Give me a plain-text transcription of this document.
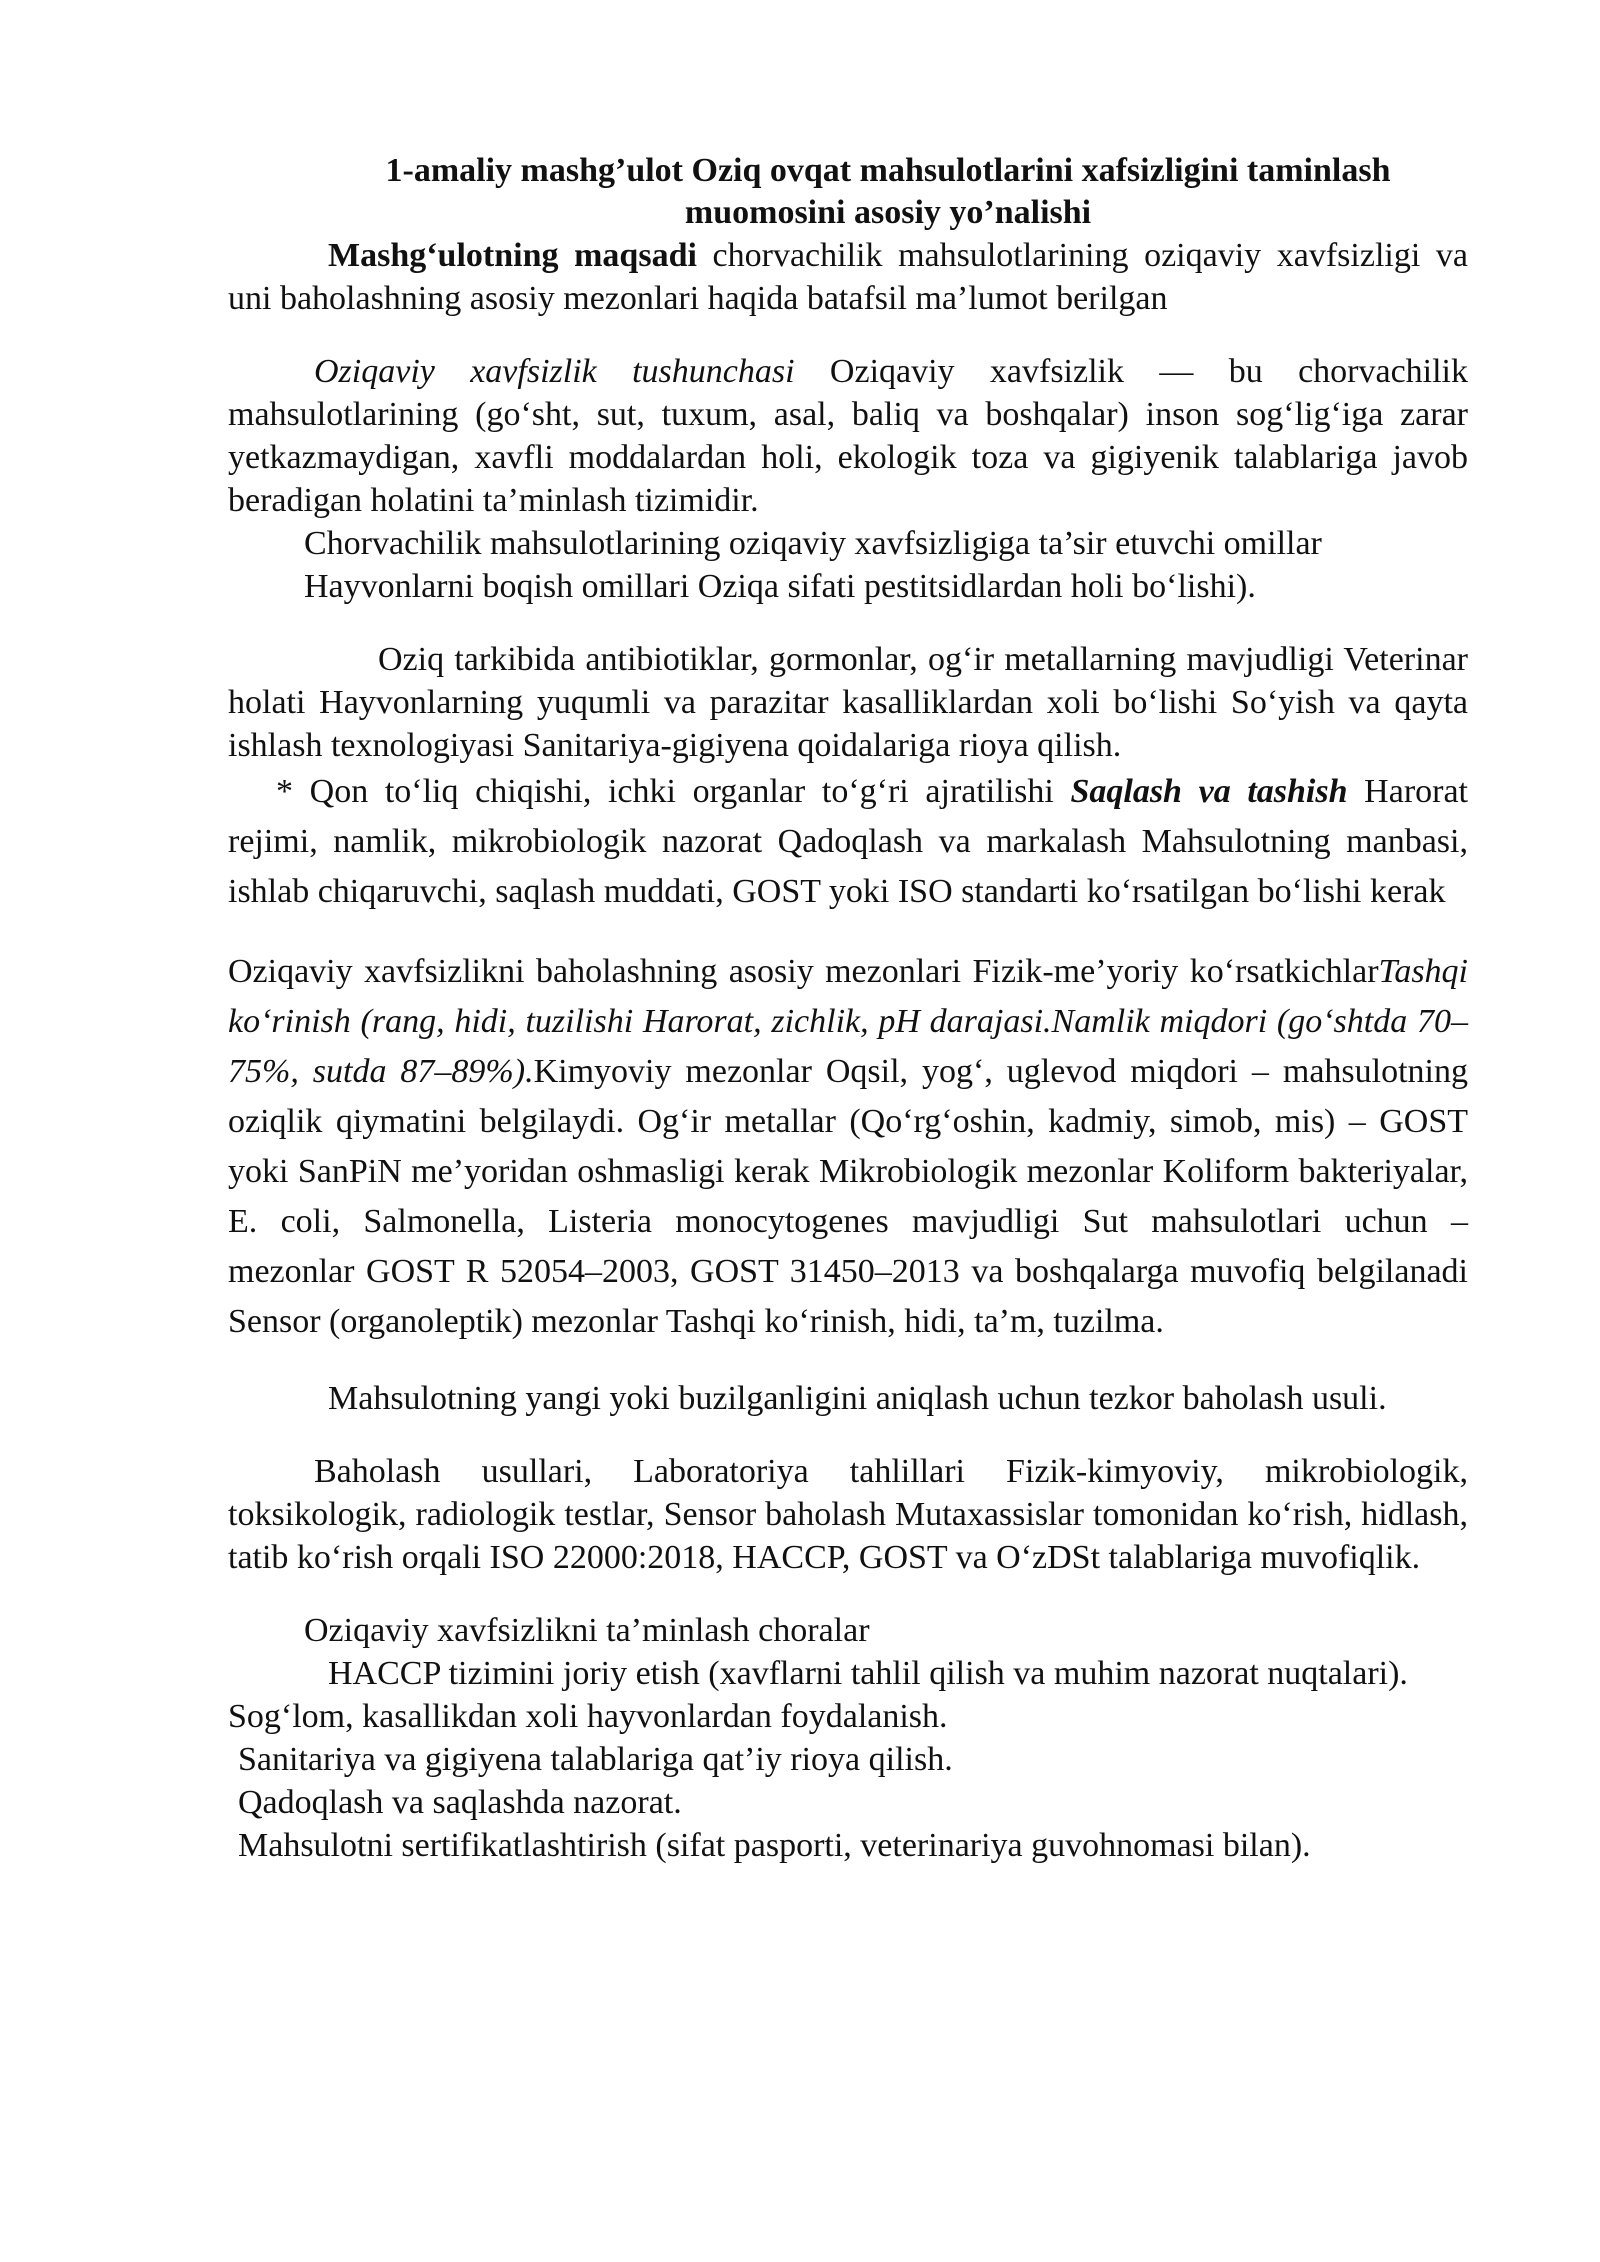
1-amaliy mashg’ulot Oziq ovqat mahsulotlarini xafsizligini taminlash
muomosini asosiy yo’nalishi

Mashg‘ulotning maqsadi chorvachilik mahsulotlarining oziqaviy xavfsizligi va uni baholashning asosiy mezonlari haqida batafsil ma’lumot berilgan

Oziqaviy xavfsizlik tushunchasi Oziqaviy xavfsizlik — bu chorvachilik mahsulotlarining (go‘sht, sut, tuxum, asal, baliq va boshqalar) inson sog‘lig‘iga zarar yetkazmaydigan, xavfli moddalardan holi, ekologik toza va gigiyenik talablariga javob beradigan holatini ta’minlash tizimidir.

Chorvachilik mahsulotlarining oziqaviy xavfsizligiga ta’sir etuvchi omillar

Hayvonlarni boqish omillari Oziqa sifati pestitsidlardan holi bo‘lishi).

Oziq tarkibida antibiotiklar, gormonlar, og‘ir metallarning mavjudligi Veterinar holati Hayvonlarning yuqumli va parazitar kasalliklardan xoli bo‘lishi So‘yish va qayta ishlash texnologiyasi Sanitariya-gigiyena qoidalariga rioya qilish.

* Qon to‘liq chiqishi, ichki organlar to‘g‘ri ajratilishi Saqlash va tashish Harorat rejimi, namlik, mikrobiologik nazorat Qadoqlash va markalash Mahsulotning manbasi, ishlab chiqaruvchi, saqlash muddati, GOST yoki ISO standarti ko‘rsatilgan bo‘lishi kerak

Oziqaviy xavfsizlikni baholashning asosiy mezonlari Fizik-me’yoriy ko‘rsatkichlarTashqi ko‘rinish (rang, hidi, tuzilishi Harorat, zichlik, pH darajasi.Namlik miqdori (go‘shtda 70–75%, sutda 87–89%).Kimyoviy mezonlar Oqsil, yog‘, uglevod miqdori – mahsulotning oziqlik qiymatini belgilaydi. Og‘ir metallar (Qo‘rg‘oshin, kadmiy, simob, mis) – GOST yoki SanPiN me’yoridan oshmasligi kerak Mikrobiologik mezonlar Koliform bakteriyalar, E. coli, Salmonella, Listeria monocytogenes mavjudligi Sut mahsulotlari uchun – mezonlar GOST R 52054–2003, GOST 31450–2013 va boshqalarga muvofiq belgilanadi Sensor (organoleptik) mezonlar Tashqi ko‘rinish, hidi, ta’m, tuzilma.

Mahsulotning yangi yoki buzilganligini aniqlash uchun tezkor baholash usuli.

Baholash usullari, Laboratoriya tahlillari Fizik-kimyoviy, mikrobiologik, toksikologik, radiologik testlar, Sensor baholash Mutaxassislar tomonidan ko‘rish, hidlash, tatib ko‘rish orqali ISO 22000:2018, HACCP, GOST va O‘zDSt talablariga muvofiqlik.

Oziqaviy xavfsizlikni ta’minlash choralar

HACCP tizimini joriy etish (xavflarni tahlil qilish va muhim nazorat nuqtalari).

Sog‘lom, kasallikdan xoli hayvonlardan foydalanish.

Sanitariya va gigiyena talablariga qat’iy rioya qilish.

Qadoqlash va saqlashda nazorat.

Mahsulotni sertifikatlashtirish (sifat pasporti, veterinariya guvohnomasi bilan).
